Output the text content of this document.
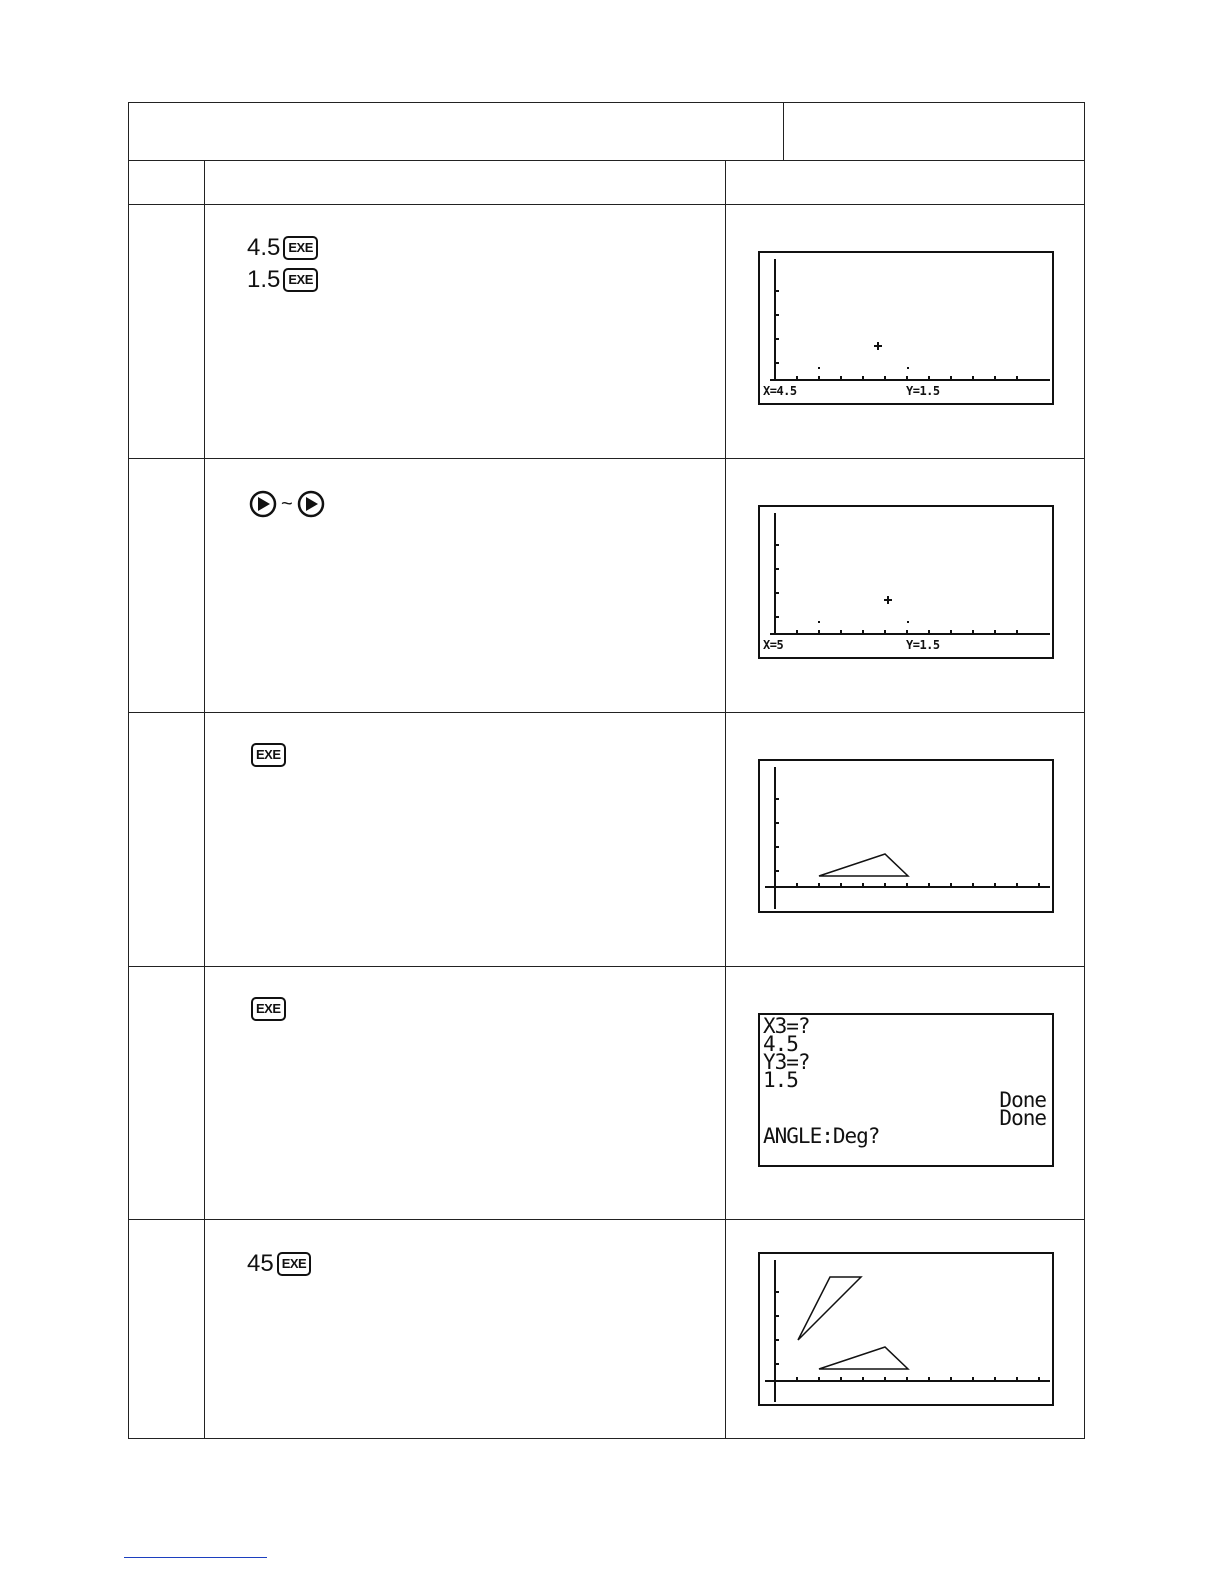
4.5 EXE
1.5 EXE
X=4.5	Y=1.5
~
X=5	Y=1.5
EXE
EXE
X3=?
4.5
Y3=?
1.5
Done
Done
ANGLE:Deg?
45 EXE
